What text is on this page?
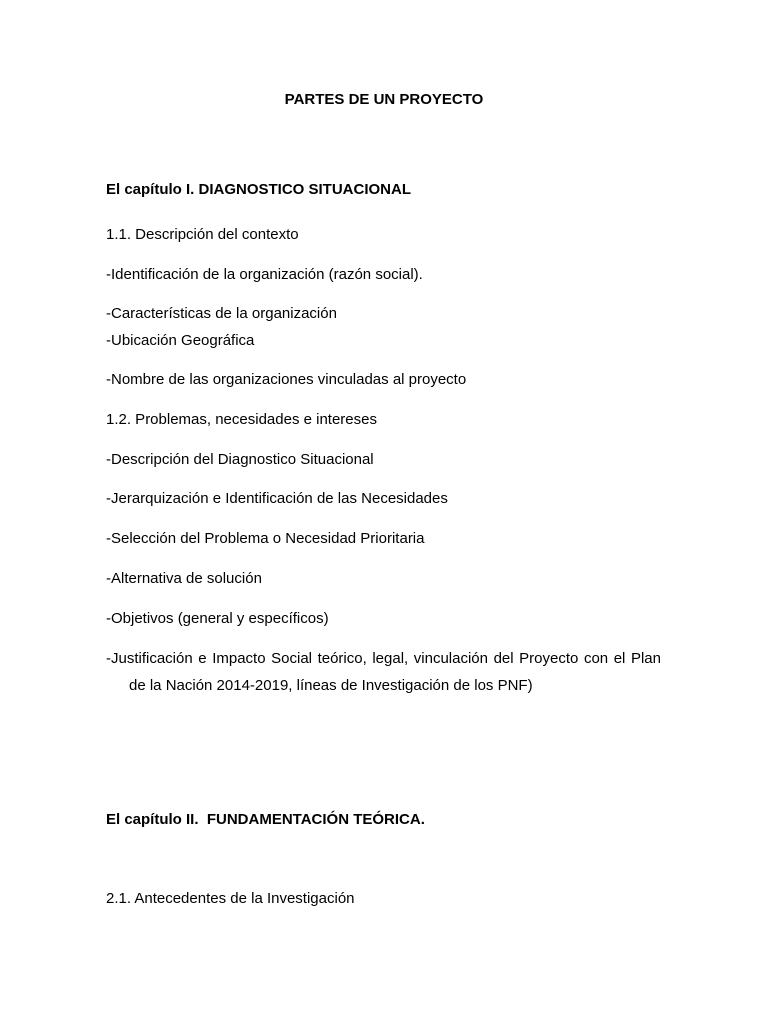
PARTES DE UN PROYECTO
El capítulo I. DIAGNOSTICO SITUACIONAL
1.1. Descripción del contexto
-Identificación de la organización (razón social).
-Características de la organización
-Ubicación Geográfica
-Nombre de las organizaciones vinculadas al proyecto
1.2. Problemas, necesidades e intereses
-Descripción del Diagnostico Situacional
-Jerarquización e Identificación de las Necesidades
-Selección del Problema o Necesidad Prioritaria
-Alternativa de solución
-Objetivos (general y específicos)
-Justificación e Impacto Social teórico, legal, vinculación del Proyecto con el Plan
de la Nación 2014-2019, líneas de Investigación de los PNF)
El capítulo II.  FUNDAMENTACIÓN TEÓRICA.
2.1. Antecedentes de la Investigación
